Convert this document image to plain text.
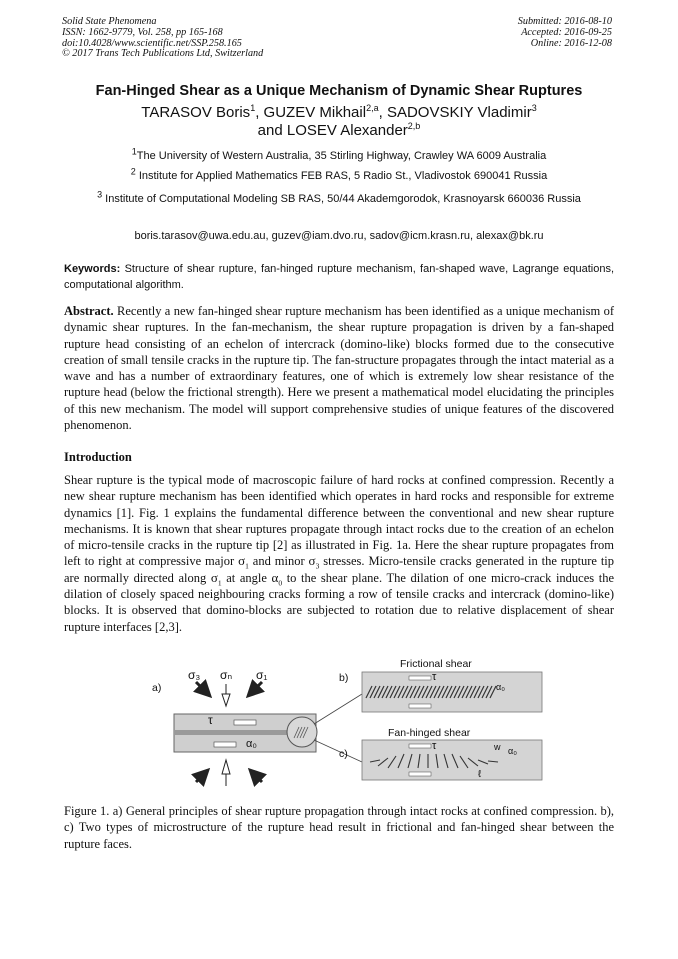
Solid State Phenomena
ISSN: 1662-9779, Vol. 258, pp 165-168
doi:10.4028/www.scientific.net/SSP.258.165
© 2017 Trans Tech Publications Ltd, Switzerland
Submitted: 2016-08-10
Accepted: 2016-09-25
Online: 2016-12-08
Fan-Hinged Shear as a Unique Mechanism of Dynamic Shear Ruptures
TARASOV Boris$^1$, GUZEV Mikhail$^{2,a}$, SADOVSKIY Vladimir$^3$
and LOSEV Alexander$^{2,b}$
$^1$The University of Western Australia, 35 Stirling Highway, Crawley WA 6009 Australia
$^2$ Institute for Applied Mathematics FEB RAS, 5 Radio St., Vladivostok 690041 Russia
$^3$ Institute of Computational Modeling SB RAS, 50/44 Akademgorodok, Krasnoyarsk 660036 Russia
boris.tarasov@uwa.edu.au, guzev@iam.dvo.ru, sadov@icm.krasn.ru, alexax@bk.ru
Keywords: Structure of shear rupture, fan-hinged rupture mechanism, fan-shaped wave, Lagrange equations, computational algorithm.
Abstract. Recently a new fan-hinged shear rupture mechanism has been identified as a unique mechanism of dynamic shear ruptures. In the fan-mechanism, the shear rupture propagation is driven by a fan-shaped rupture head consisting of an echelon of intercrack (domino-like) blocks formed due to the consecutive creation of small tensile cracks in the rupture tip. The fan-structure propagates through the intact material as a wave and has a number of extraordinary features, one of which is extremely low shear resistance of the rupture head (below the frictional strength). Here we present a mathematical model elucidating the principles of this new mechanism. The model will support comprehensive studies of unique features of the discovered phenomenon.
Introduction
Shear rupture is the typical mode of macroscopic failure of hard rocks at confined compression. Recently a new shear rupture mechanism has been identified which operates in hard rocks and responsible for extreme dynamics [1]. Fig. 1 explains the fundamental difference between the conventional and new shear rupture mechanisms. It is known that shear ruptures propagate through intact rocks due to the creation of an echelon of micro-tensile cracks in the rupture tip [2] as illustrated in Fig. 1a. Here the shear rupture propagates from left to right at compressive major $\sigma_1$ and minor $\sigma_3$ stresses. Micro-tensile cracks generated in the rupture tip are normally directed along $\sigma_1$ at angle $\alpha_0$ to the shear plane. The dilation of one micro-crack induces the dilation of closely spaced neighbouring cracks forming a row of tensile cracks and intercrack (domino-like) blocks. It is observed that domino-blocks are subjected to rotation due to relative displacement of shear rupture interfaces [2,3].
a)
σ₃ σₙ σ₁
τ
α₀
b)
Frictional shear
τ
α₀
c)
Fan-hinged shear
τ	w α₀
ℓ
Figure 1. a) General principles of shear rupture propagation through intact rocks at confined compression. b), c) Two types of microstructure of the rupture head result in frictional and fan-hinged shear between the rupture faces.
